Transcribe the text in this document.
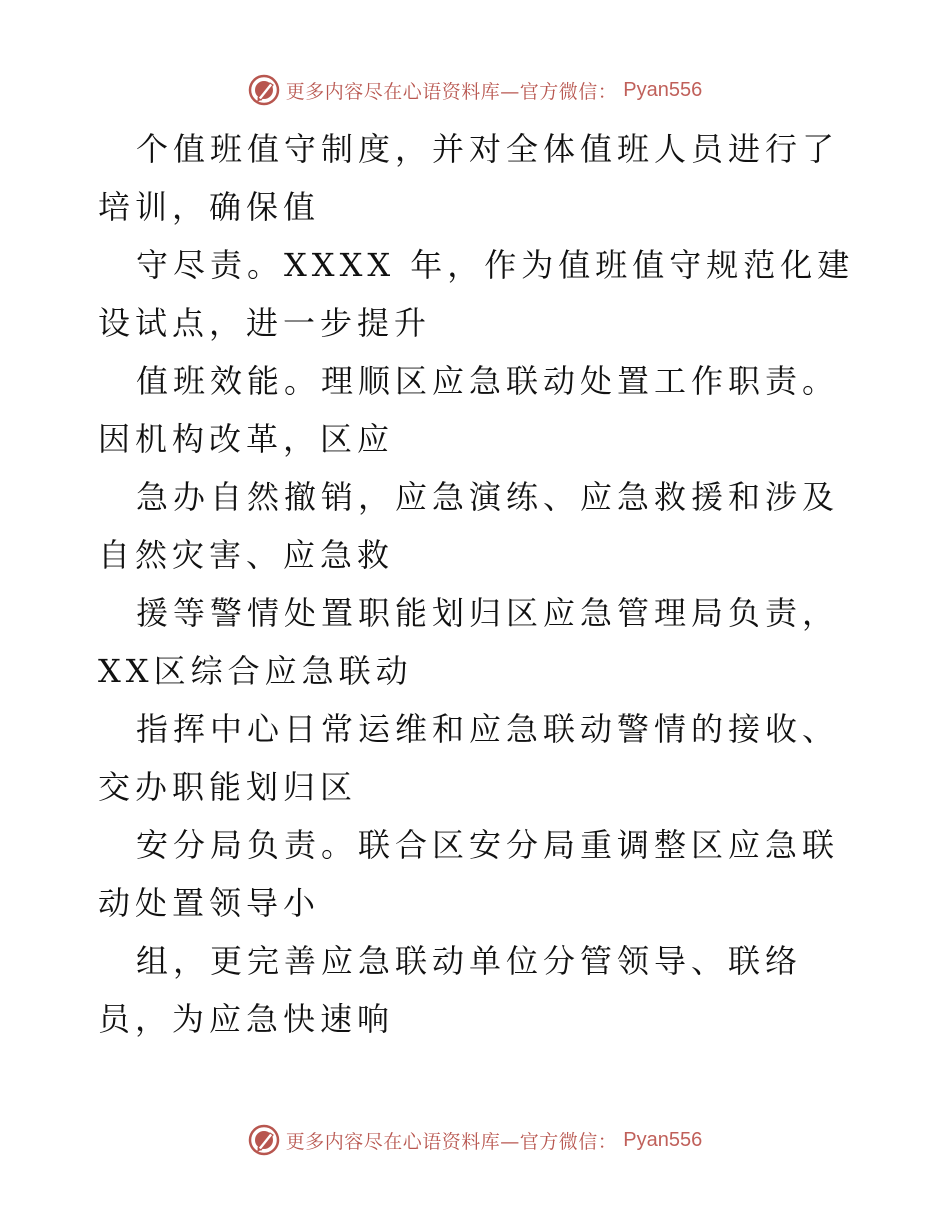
更多内容尽在心语资料库—官方微信： Pyan556

个值班值守制度，并对全体值班人员进行了培训，确保值

守尽责。XXXX 年，作为值班值守规范化建设试点，进一步提升

值班效能。理顺区应急联动处置工作职责。因机构改革，区应

急办自然撤销，应急演练、应急救援和涉及自然灾害、应急救

援等警情处置职能划归区应急管理局负责，XX区综合应急联动

指挥中心日常运维和应急联动警情的接收、交办职能划归区

安分局负责。联合区安分局重调整区应急联动处置领导小

组，更完善应急联动单位分管领导、联络员，为应急快速响

更多内容尽在心语资料库—官方微信： Pyan556
